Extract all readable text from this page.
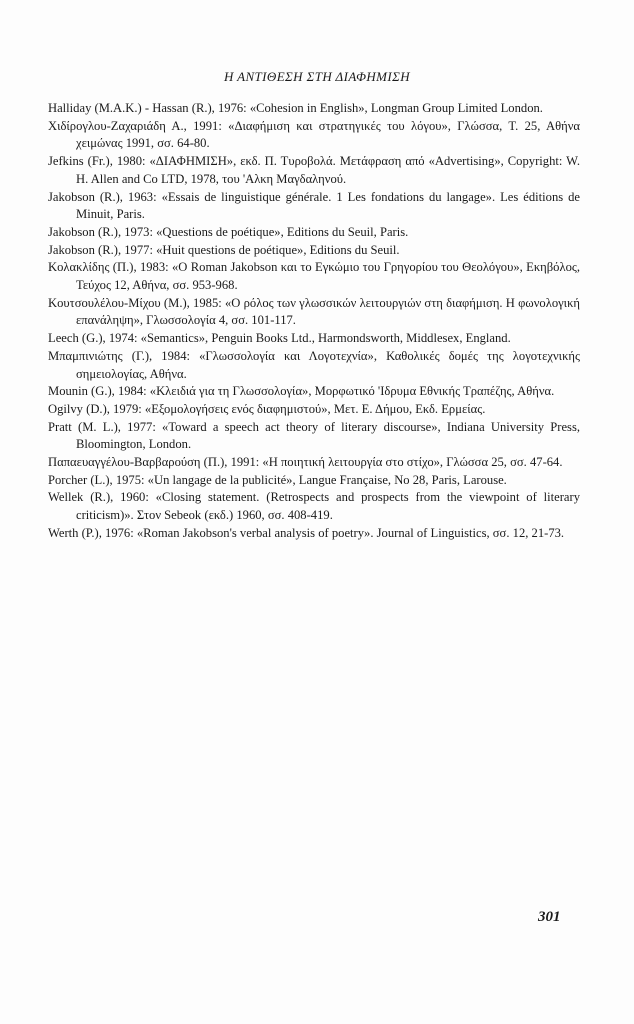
Η ΑΝΤΙΘΕΣΗ ΣΤΗ ΔΙΑΦΗΜΙΣΗ
Halliday (M.A.K.) - Hassan (R.), 1976: «Cohesion in English», Longman Group Limited London.
Χιδίρογλου-Ζαχαριάδη Α., 1991: «Διαφήμιση και στρατηγικές του λόγου», Γλώσσα, Τ. 25, Αθήνα χειμώνας 1991, σσ. 64-80.
Jefkins (Fr.), 1980: «ΔΙΑΦΗΜΙΣΗ», εκδ. Π. Τυροβολά. Μετάφραση από «Advertising», Copyright: W. H. Allen and Co LTD, 1978, του 'Αλκη Μαγδαληνού.
Jakobson (R.), 1963: «Essais de linguistique générale. 1 Les fondations du langage». Les éditions de Minuit, Paris.
Jakobson (R.), 1973: «Questions de poétique», Editions du Seuil, Paris.
Jakobson (R.), 1977: «Huit questions de poétique», Editions du Seuil.
Κολακλίδης (Π.), 1983: «Ο Roman Jakobson και το Εγκώμιο του Γρηγορίου του Θεολόγου», Εκηβόλος, Τεύχος 12, Αθήνα, σσ. 953-968.
Κουτσουλέλου-Μίχου (Μ.), 1985: «Ο ρόλος των γλωσσικών λειτουργιών στη διαφήμιση. Η φωνολογική επανάληψη», Γλωσσολογία 4, σσ. 101-117.
Leech (G.), 1974: «Semantics», Penguin Books Ltd., Harmondsworth, Middlesex, England.
Μπαμπινιώτης (Γ.), 1984: «Γλωσσολογία και Λογοτεχνία», Καθολικές δομές της λογοτεχνικής σημειολογίας, Αθήνα.
Mounin (G.), 1984: «Κλειδιά για τη Γλωσσολογία», Μορφωτικό 'Ιδρυμα Εθνικής Τραπέζης, Αθήνα.
Ogilvy (D.), 1979: «Εξομολογήσεις ενός διαφημιστού», Μετ. Ε. Δήμου, Εκδ. Ερμείας.
Pratt (M. L.), 1977: «Toward a speech act theory of literary discourse», Indiana University Press, Bloomington, London.
Παπαευαγγέλου-Βαρβαρούση (Π.), 1991: «Η ποιητική λειτουργία στο στίχο», Γλώσσα 25, σσ. 47-64.
Porcher (L.), 1975: «Un langage de la publicité», Langue Française, No 28, Paris, Larouse.
Wellek (R.), 1960: «Closing statement. (Retrospects and prospects from the viewpoint of literary criticism)». Στον Sebeok (εκδ.) 1960, σσ. 408-419.
Werth (P.), 1976: «Roman Jakobson's verbal analysis of poetry». Journal of Linguistics, σσ. 12, 21-73.
301
